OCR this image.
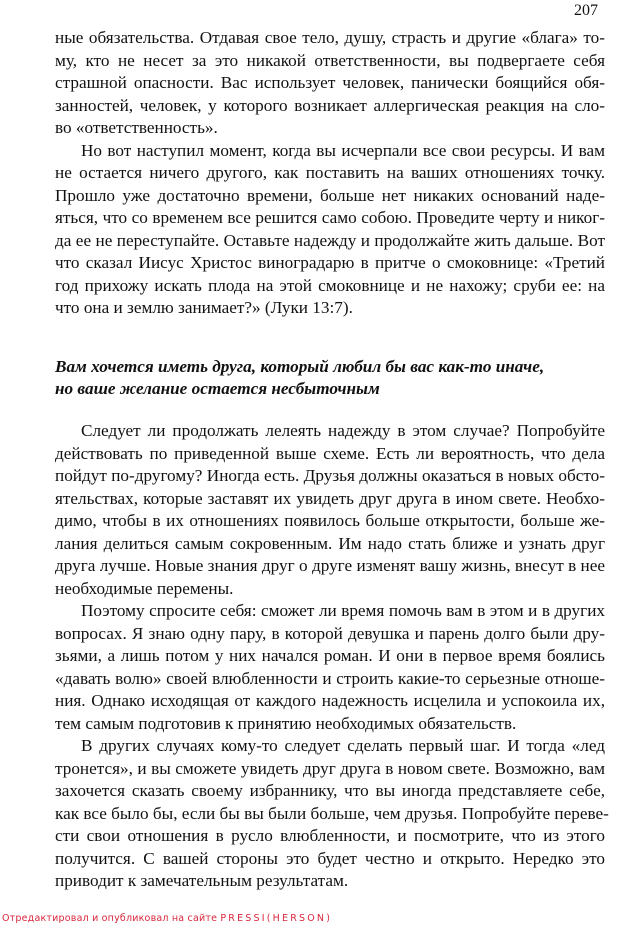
207
ные обязательства. Отдавая свое тело, душу, страсть и другие «блага» то-
му, кто не несет за это никакой ответственности, вы подвергаете себя
страшной опасности. Вас использует человек, панически боящийся обя-
занностей, человек, у которого возникает аллергическая реакция на сло-
во «ответственность».
Но вот наступил момент, когда вы исчерпали все свои ресурсы. И вам
не остается ничего другого, как поставить на ваших отношениях точку.
Прошло уже достаточно времени, больше нет никаких оснований наде-
яться, что со временем все решится само собою. Проведите черту и никог-
да ее не переступайте. Оставьте надежду и продолжайте жить дальше. Вот
что сказал Иисус Христос виноградарю в притче о смоковнице: «Третий
год прихожу искать плода на этой смоковнице и не нахожу; сруби ее: на
что она и землю занимает?» (Луки 13:7).
Вам хочется иметь друга, который любил бы вас как-то иначе,
но ваше желание остается несбыточным
Следует ли продолжать лелеять надежду в этом случае? Попробуйте
действовать по приведенной выше схеме. Есть ли вероятность, что дела
пойдут по-другому? Иногда есть. Друзья должны оказаться в новых обсто-
ятельствах, которые заставят их увидеть друг друга в ином свете. Необхо-
димо, чтобы в их отношениях появилось больше открытости, больше же-
лания делиться самым сокровенным. Им надо стать ближе и узнать друг
друга лучше. Новые знания друг о друге изменят вашу жизнь, внесут в нее
необходимые перемены.
Поэтому спросите себя: сможет ли время помочь вам в этом и в других
вопросах. Я знаю одну пару, в которой девушка и парень долго были дру-
зьями, а лишь потом у них начался роман. И они в первое время боялись
«давать волю» своей влюбленности и строить какие-то серьезные отноше-
ния. Однако исходящая от каждого надежность исцелила и успокоила их,
тем самым подготовив к принятию необходимых обязательств.
В других случаях кому-то следует сделать первый шаг. И тогда «лед
тронется», и вы сможете увидеть друг друга в новом свете. Возможно, вам
захочется сказать своему избраннику, что вы иногда представляете себе,
как все было бы, если бы вы были больше, чем друзья. Попробуйте переве-
сти свои отношения в русло влюбленности, и посмотрите, что из этого
получится. С вашей стороны это будет честно и открыто. Нередко это
приводит к замечательным результатам.
Отредактировал и опубликовал на сайте PRESSI(HERSON)
